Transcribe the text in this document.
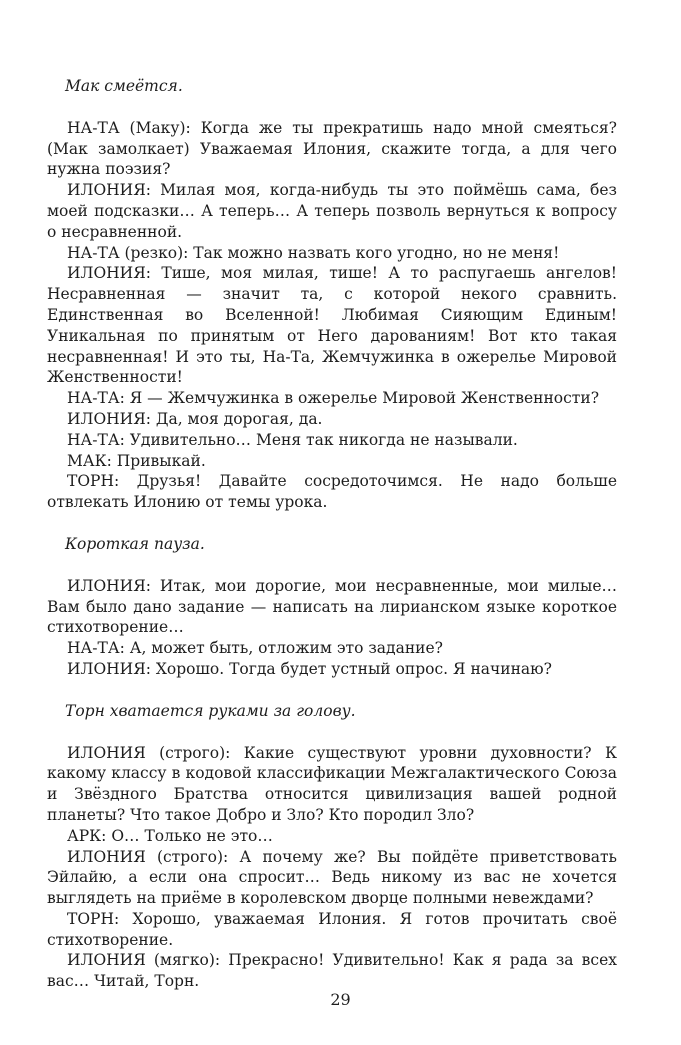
Мак смеётся.

НА-ТА (Маку): Когда же ты прекратишь надо мной смеяться? (Мак замолкает) Уважаемая Илония, скажите тогда, а для чего нужна поэзия?

ИЛОНИЯ: Милая моя, когда-нибудь ты это поймёшь сама, без моей подсказки… А теперь… А теперь позволь вернуться к вопросу о несравненной.

НА-ТА (резко): Так можно назвать кого угодно, но не меня!

ИЛОНИЯ: Тише, моя милая, тише! А то распугаешь ангелов! Несравненная — значит та, с которой некого сравнить. Единственная во Вселенной! Любимая Сияющим Единым! Уникальная по принятым от Него дарованиям! Вот кто такая несравненная! И это ты, На-Та, Жемчужинка в ожерелье Мировой Женственности!

НА-ТА: Я — Жемчужинка в ожерелье Мировой Женственности?

ИЛОНИЯ: Да, моя дорогая, да.

НА-ТА: Удивительно… Меня так никогда не называли.

МАК: Привыкай.

ТОРН: Друзья! Давайте сосредоточимся. Не надо больше отвлекать Илонию от темы урока.

Короткая пауза.

ИЛОНИЯ: Итак, мои дорогие, мои несравненные, мои милые… Вам было дано задание — написать на лирианском языке короткое стихотворение…

НА-ТА: А, может быть, отложим это задание?

ИЛОНИЯ: Хорошо. Тогда будет устный опрос. Я начинаю?

Торн хватается руками за голову.

ИЛОНИЯ (строго): Какие существуют уровни духовности? К какому классу в кодовой классификации Межгалактического Союза и Звёздного Братства относится цивилизация вашей родной планеты? Что такое Добро и Зло? Кто породил Зло?

АРК: О… Только не это…

ИЛОНИЯ (строго): А почему же? Вы пойдёте приветствовать Эйлайю, а если она спросит… Ведь никому из вас не хочется выглядеть на приёме в королевском дворце полными невеждами?

ТОРН: Хорошо, уважаемая Илония. Я готов прочитать своё стихотворение.

ИЛОНИЯ (мягко): Прекрасно! Удивительно! Как я рада за всех вас… Читай, Торн.

29
